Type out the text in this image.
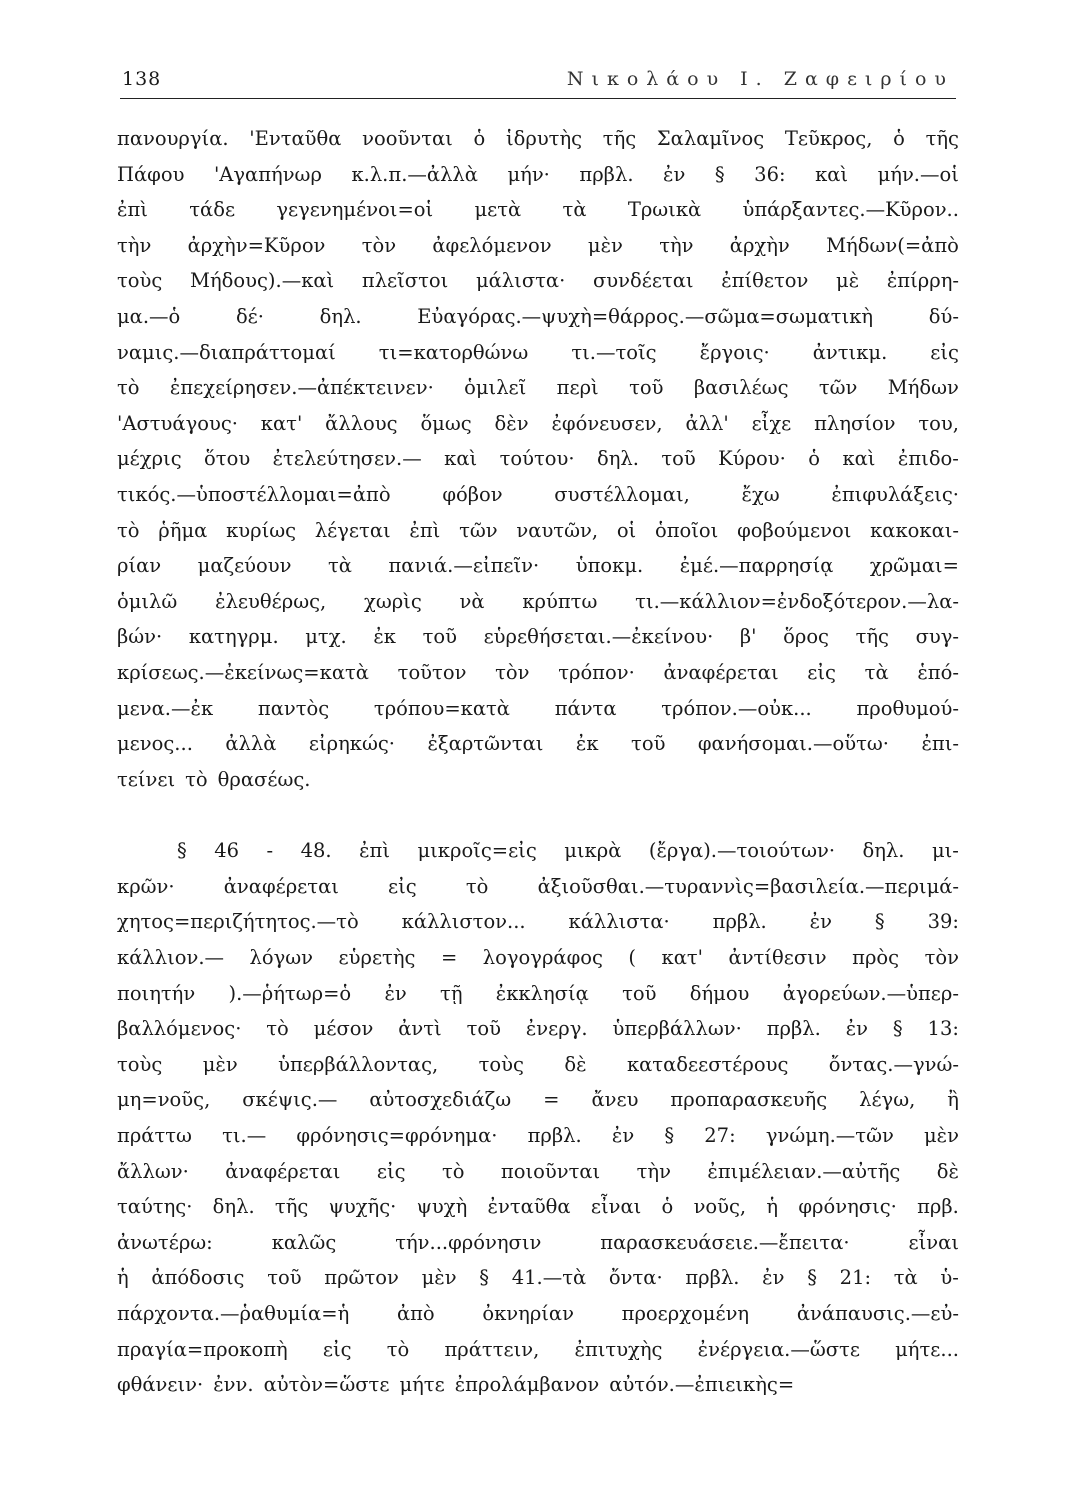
138	Νικολάου Ι. Ζαφειρίου
πανουργία. 'Ενταῦθα νοοῦνται ὁ ἱδρυτὴς τῆς Σαλαμῖνος Τεῦκρος, ὁ τῆς
Πάφου 'Αγαπήνωρ κ.λ.π.—ἀλλὰ μήν· πρβλ. ἐν § 36: καὶ μήν.—οἱ
ἐπὶ τάδε γεγενημένοι=οἱ μετὰ τὰ Τρωικὰ ὑπάρξαντες.—Κῦρον..
τὴν ἀρχὴν=Κῦρον τὸν ἀφελόμενον μὲν τὴν ἀρχὴν Μήδων(=ἀπὸ
τοὺς Μήδους).—καὶ πλεῖστοι μάλιστα· συνδέεται ἐπίθετον μὲ ἐπίρρη-
μα.—ὁ	δέ·	δηλ.	Εὐαγόρας.—ψυχὴ=θάρρος.—σῶμα=σωματικὴ	δύ-
ναμις.—διαπράττομαί τι=κατορθώνω τι.—τοῖς ἔργοις· ἀντικμ. εἰς
τὸ ἐπεχείρησεν.—ἀπέκτεινεν· ὁμιλεῖ περὶ τοῦ βασιλέως τῶν Μήδων
'Αστυάγους· κατ' ἄλλους ὅμως δὲν ἐφόνευσεν, ἀλλ' εἶχε πλησίον του,
μέχρις ὅτου ἐτελεύτησεν.— καὶ τούτου· δηλ. τοῦ Κύρου· ὁ καὶ ἐπιδο-
τικός.—ὑποστέλλομαι=ἀπὸ	φόβον	συστέλλομαι,	ἔχω	ἐπιφυλάξεις·
τὸ ῥῆμα κυρίως λέγεται ἐπὶ τῶν ναυτῶν, οἱ ὁποῖοι φοβούμενοι κακοκαι-
ρίαν μαζεύουν τὰ πανιά.—εἰπεῖν· ὑποκμ. ἐμέ.—παρρησίᾳ χρῶμαι=
ὁμιλῶ ἐλευθέρως, χωρὶς νὰ κρύπτω τι.—κάλλιον=ἐνδοξότερον.—λα-
βών· κατηγρμ. μτχ. ἐκ τοῦ εὑρεθήσεται.—ἐκείνου· β' ὅρος τῆς συγ-
κρίσεως.—ἐκείνως=κατὰ τοῦτον τὸν τρόπον· ἀναφέρεται εἰς τὰ ἑπό-
μενα.—ἐκ παντὸς τρόπου=κατὰ πάντα τρόπον.—οὐκ... προθυμού-
μενος... ἀλλὰ εἰρηκώς· ἐξαρτῶνται ἐκ τοῦ φανήσομαι.—οὕτω· ἐπι-
τείνει τὸ θρασέως.
§ 46 - 48. ἐπὶ μικροῖς=εἰς μικρὰ (ἔργα).—τοιούτων· δηλ. μι-
κρῶν·	ἀναφέρεται	εἰς	τὸ	ἀξιοῦσθαι.—τυραννὶς=βασιλεία.—περιμά-
χητος=περιζήτητος.—τὸ κάλλιστον... κάλλιστα· πρβλ. ἐν § 39:
κάλλιον.— λόγων εὑρετὴς = λογογράφος ( κατ' ἀντίθεσιν πρὸς τὸν
ποιητήν ).—ῥήτωρ=ὁ ἐν τῇ ἐκκλησίᾳ τοῦ δήμου ἀγορεύων.—ὑπερ-
βαλλόμενος· τὸ μέσον ἀντὶ τοῦ ἐνεργ. ὑπερβάλλων· πρβλ. ἐν § 13:
τοὺς μὲν ὑπερβάλλοντας, τοὺς δὲ καταδεεστέρους ὄντας.—γνώ-
μη=νοῦς, σκέψις.— αὐτοσχεδιάζω = ἄνευ προπαρασκευῆς λέγω, ἢ
πράττω τι.— φρόνησις=φρόνημα· πρβλ. ἐν § 27: γνώμη.—τῶν μὲν
ἄλλων· ἀναφέρεται εἰς τὸ ποιοῦνται τὴν ἐπιμέλειαν.—αὐτῆς δὲ
ταύτης· δηλ. τῆς ψυχῆς· ψυχὴ ἐνταῦθα εἶναι ὁ νοῦς, ἡ φρόνησις· πρβ.
ἀνωτέρω:	καλῶς	τήν...φρόνησιν	παρασκευάσειε.—ἔπειτα·	εἶναι
ἡ ἀπόδοσις τοῦ πρῶτον μὲν § 41.—τὰ ὄντα· πρβλ. ἐν § 21: τὰ ὑ-
πάρχοντα.—ῥαθυμία=ἡ ἀπὸ ὀκνηρίαν προερχομένη ἀνάπαυσις.—εὐ-
πραγία=προκοπὴ εἰς τὸ πράττειν, ἐπιτυχὴς ἐνέργεια.—ὥστε μήτε...
φθάνειν· ἐνν. αὐτὸν=ὥστε μήτε ἐπρολάμβανον αὐτόν.—ἐπιεικὴς=
